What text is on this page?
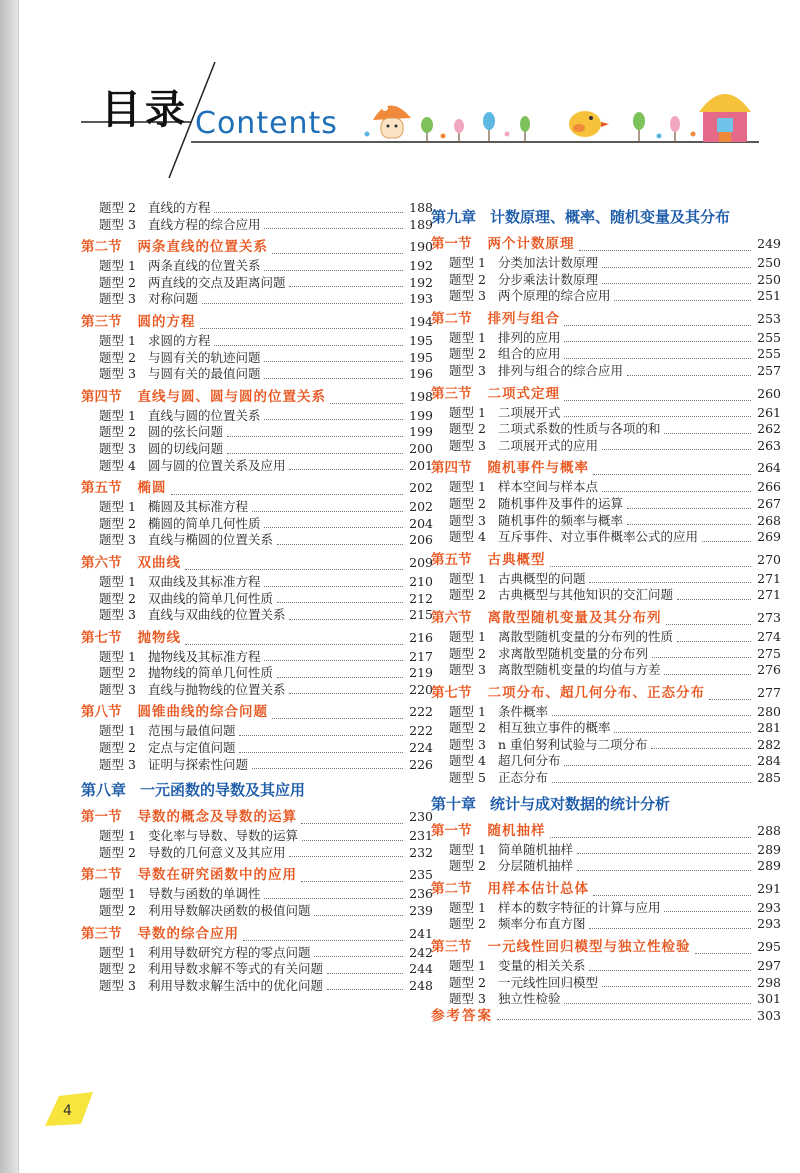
目录 Contents
题型 2 直线的方程	188
题型 3 直线方程的综合应用	189
第二节 两条直线的位置关系	190
题型 1 两条直线的位置关系	192
题型 2 两直线的交点及距离问题	192
题型 3 对称问题	193
第三节 圆的方程	194
题型 1 求圆的方程	195
题型 2 与圆有关的轨迹问题	195
题型 3 与圆有关的最值问题	196
第四节 直线与圆、圆与圆的位置关系	198
题型 1 直线与圆的位置关系	199
题型 2 圆的弦长问题	199
题型 3 圆的切线问题	200
题型 4 圆与圆的位置关系及应用	201
第五节 椭圆	202
题型 1 椭圆及其标准方程	202
题型 2 椭圆的简单几何性质	204
题型 3 直线与椭圆的位置关系	206
第六节 双曲线	209
题型 1 双曲线及其标准方程	210
题型 2 双曲线的简单几何性质	212
题型 3 直线与双曲线的位置关系	215
第七节 抛物线	216
题型 1 抛物线及其标准方程	217
题型 2 抛物线的简单几何性质	219
题型 3 直线与抛物线的位置关系	220
第八节 圆锥曲线的综合问题	222
题型 1 范围与最值问题	222
题型 2 定点与定值问题	224
题型 3 证明与探索性问题	226
第八章 一元函数的导数及其应用
第一节 导数的概念及导数的运算	230
题型 1 变化率与导数、导数的运算	231
题型 2 导数的几何意义及其应用	232
第二节 导数在研究函数中的应用	235
题型 1 导数与函数的单调性	236
题型 2 利用导数解决函数的极值问题	239
第三节 导数的综合应用	241
题型 1 利用导数研究方程的零点问题	242
题型 2 利用导数求解不等式的有关问题	244
题型 3 利用导数求解生活中的优化问题	248
第九章 计数原理、概率、随机变量及其分布
第一节 两个计数原理	249
题型 1 分类加法计数原理	250
题型 2 分步乘法计数原理	250
题型 3 两个原理的综合应用	251
第二节 排列与组合	253
题型 1 排列的应用	255
题型 2 组合的应用	255
题型 3 排列与组合的综合应用	257
第三节 二项式定理	260
题型 1 二项展开式	261
题型 2 二项式系数的性质与各项的和	262
题型 3 二项展开式的应用	263
第四节 随机事件与概率	264
题型 1 样本空间与样本点	266
题型 2 随机事件及事件的运算	267
题型 3 随机事件的频率与概率	268
题型 4 互斥事件、对立事件概率公式的应用	269
第五节 古典概型	270
题型 1 古典概型的问题	271
题型 2 古典概型与其他知识的交汇问题	271
第六节 离散型随机变量及其分布列	273
题型 1 离散型随机变量的分布列的性质	274
题型 2 求离散型随机变量的分布列	275
题型 3 离散型随机变量的均值与方差	276
第七节 二项分布、超几何分布、正态分布	277
题型 1 条件概率	280
题型 2 相互独立事件的概率	281
题型 3 n 重伯努利试验与二项分布	282
题型 4 超几何分布	284
题型 5 正态分布	285
第十章 统计与成对数据的统计分析
第一节 随机抽样	288
题型 1 简单随机抽样	289
题型 2 分层随机抽样	289
第二节 用样本估计总体	291
题型 1 样本的数字特征的计算与应用	293
题型 2 频率分布直方图	293
第三节 一元线性回归模型与独立性检验	295
题型 1 变量的相关关系	297
题型 2 一元线性回归模型	298
题型 3 独立性检验	301
参考答案	303
4
